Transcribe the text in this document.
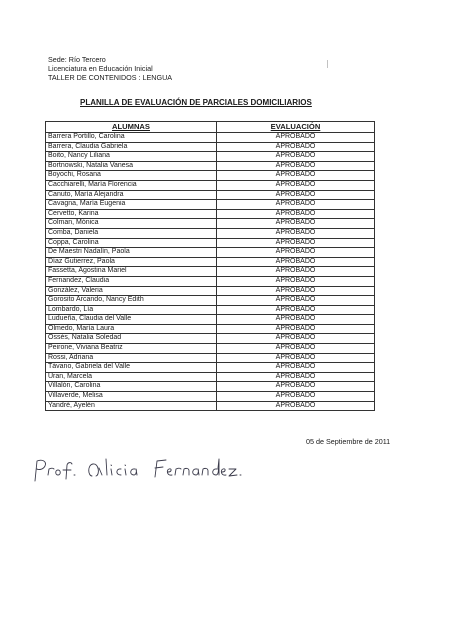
Sede: Río Tercero
Licenciatura en Educación Inicial
TALLER DE CONTENIDOS : LENGUA
PLANILLA DE EVALUACIÓN DE PARCIALES DOMICILIARIOS
ALUMNAS	EVALUACIÓN
Barrera Portillo, Carolina	APROBADO
Barrera, Claudia Gabriela	APROBADO
Boito, Nancy Liliana	APROBADO
Bortnowski, Natalia Vanesa	APROBADO
Boyochi, Rosana	APROBADO
Cacchiarelli, María Florencia	APROBADO
Canuto, María Alejandra	APROBADO
Cavagna, María Eugenia	APROBADO
Cervetto, Karina	APROBADO
Colman, Mónica	APROBADO
Comba, Daniela	APROBADO
Coppa, Carolina	APROBADO
De Maestri Nadalín, Paola	APROBADO
Díaz Gutierrez, Paola	APROBADO
Fassetta, Agostina Mariel	APROBADO
Fernandez, Claudia	APROBADO
González, Valeria	APROBADO
Gorosito Arcando, Nancy Edith	APROBADO
Lombardo, Lía	APROBADO
Ludueña, Claudia del Valle	APROBADO
Olmedo, María Laura	APROBADO
Ossés, Natalia Soledad	APROBADO
Peirone, Viviana Beatriz	APROBADO
Rossi, Adriana	APROBADO
Távano, Gabriela del Valle	APROBADO
Uran, Marcela	APROBADO
Villalón, Carolina	APROBADO
Villaverde, Melisa	APROBADO
Yandré, Ayelén	APROBADO
05 de Septiembre de 2011
